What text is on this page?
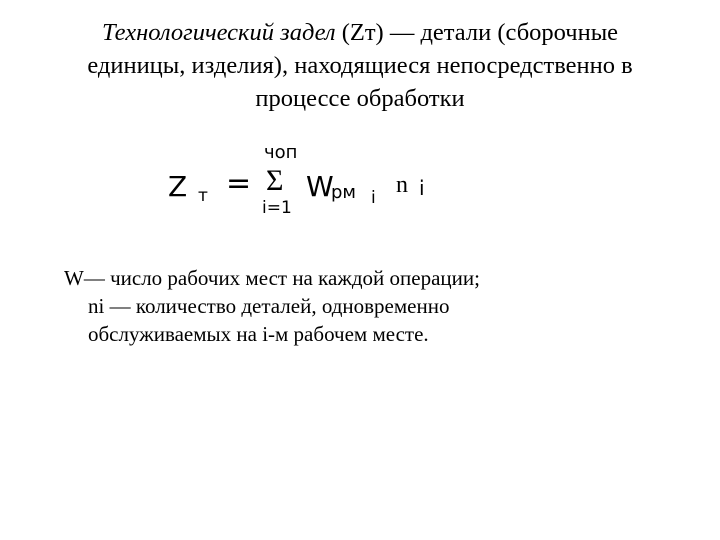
Технологический задел (Zт) — детали (сборочные
единицы, изделия), находящиеся непосредственно в
процессе обработки
Z т =
чоп
Σ
i=1
W
рм i n i
W— число рабочих мест на каждой операции;
ni — количество деталей, одновременно
обслуживаемых на i-м рабочем месте.
